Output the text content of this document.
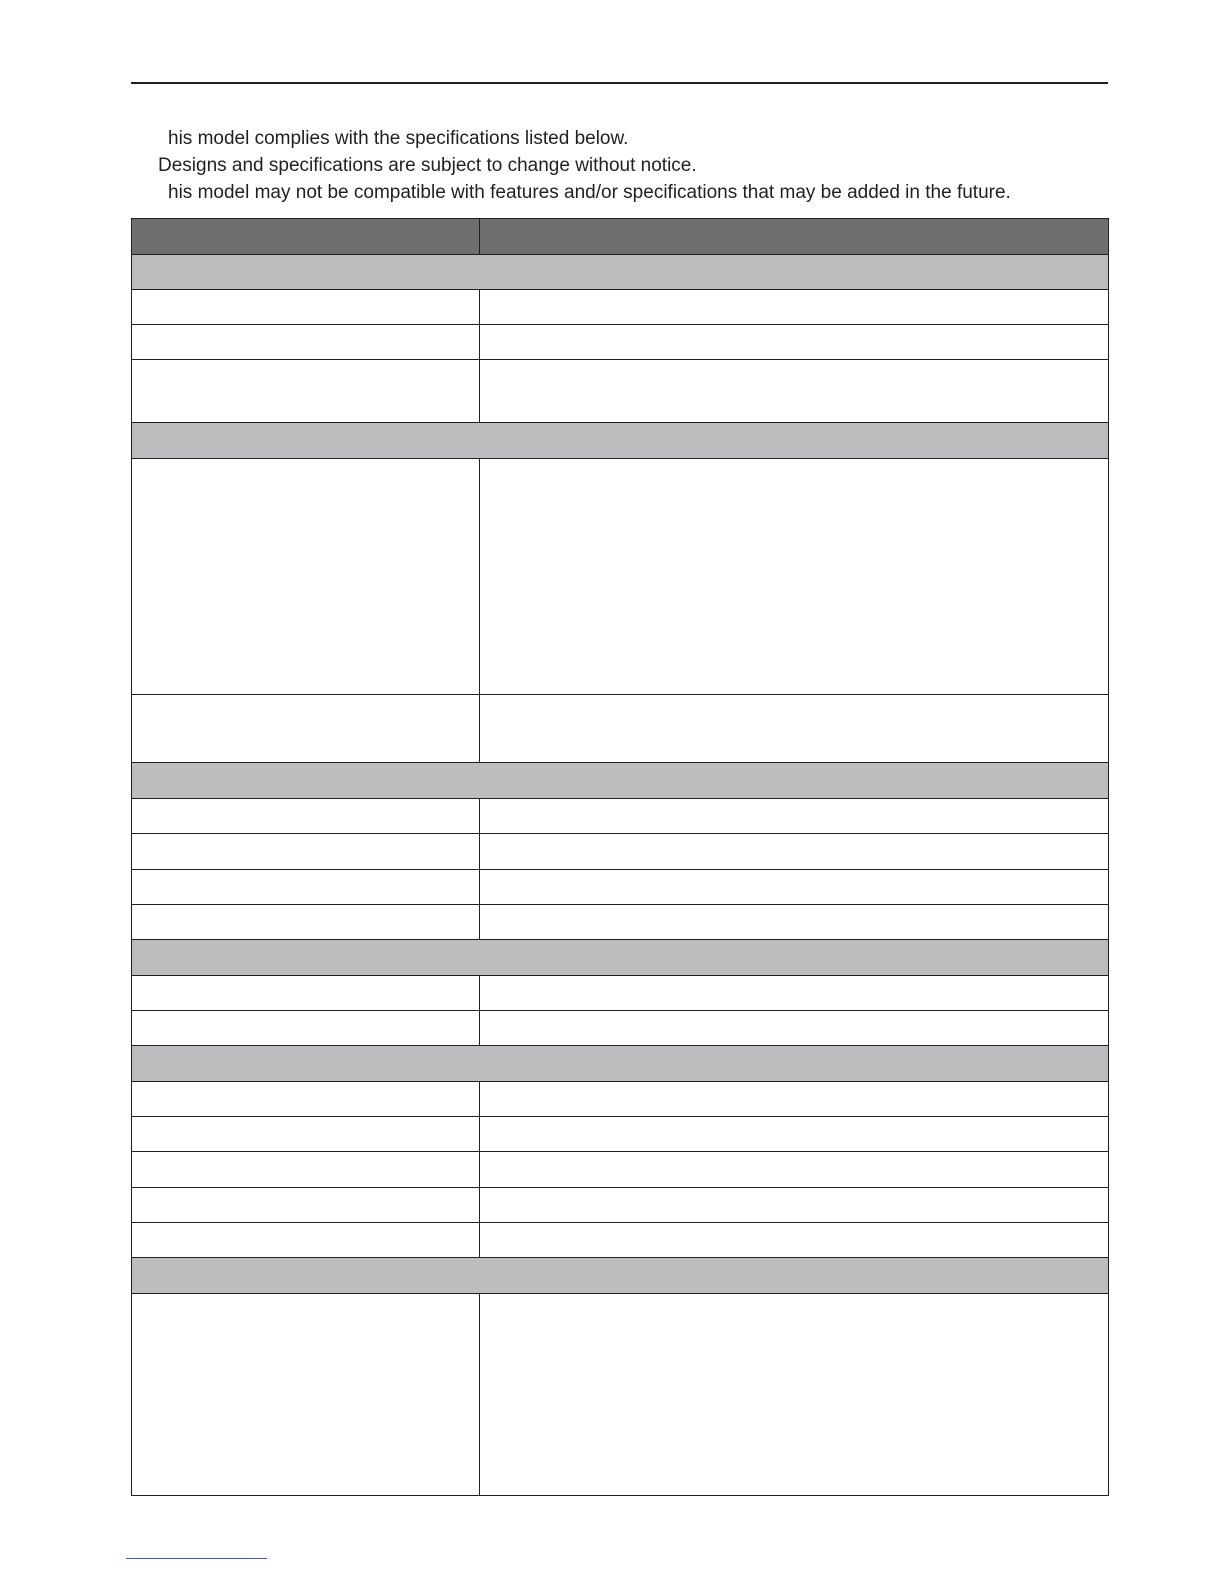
his model complies with the specifications listed below.
Designs and specifications are subject to change without notice.
his model may not be compatible with features and/or specifications that may be added in the future.
